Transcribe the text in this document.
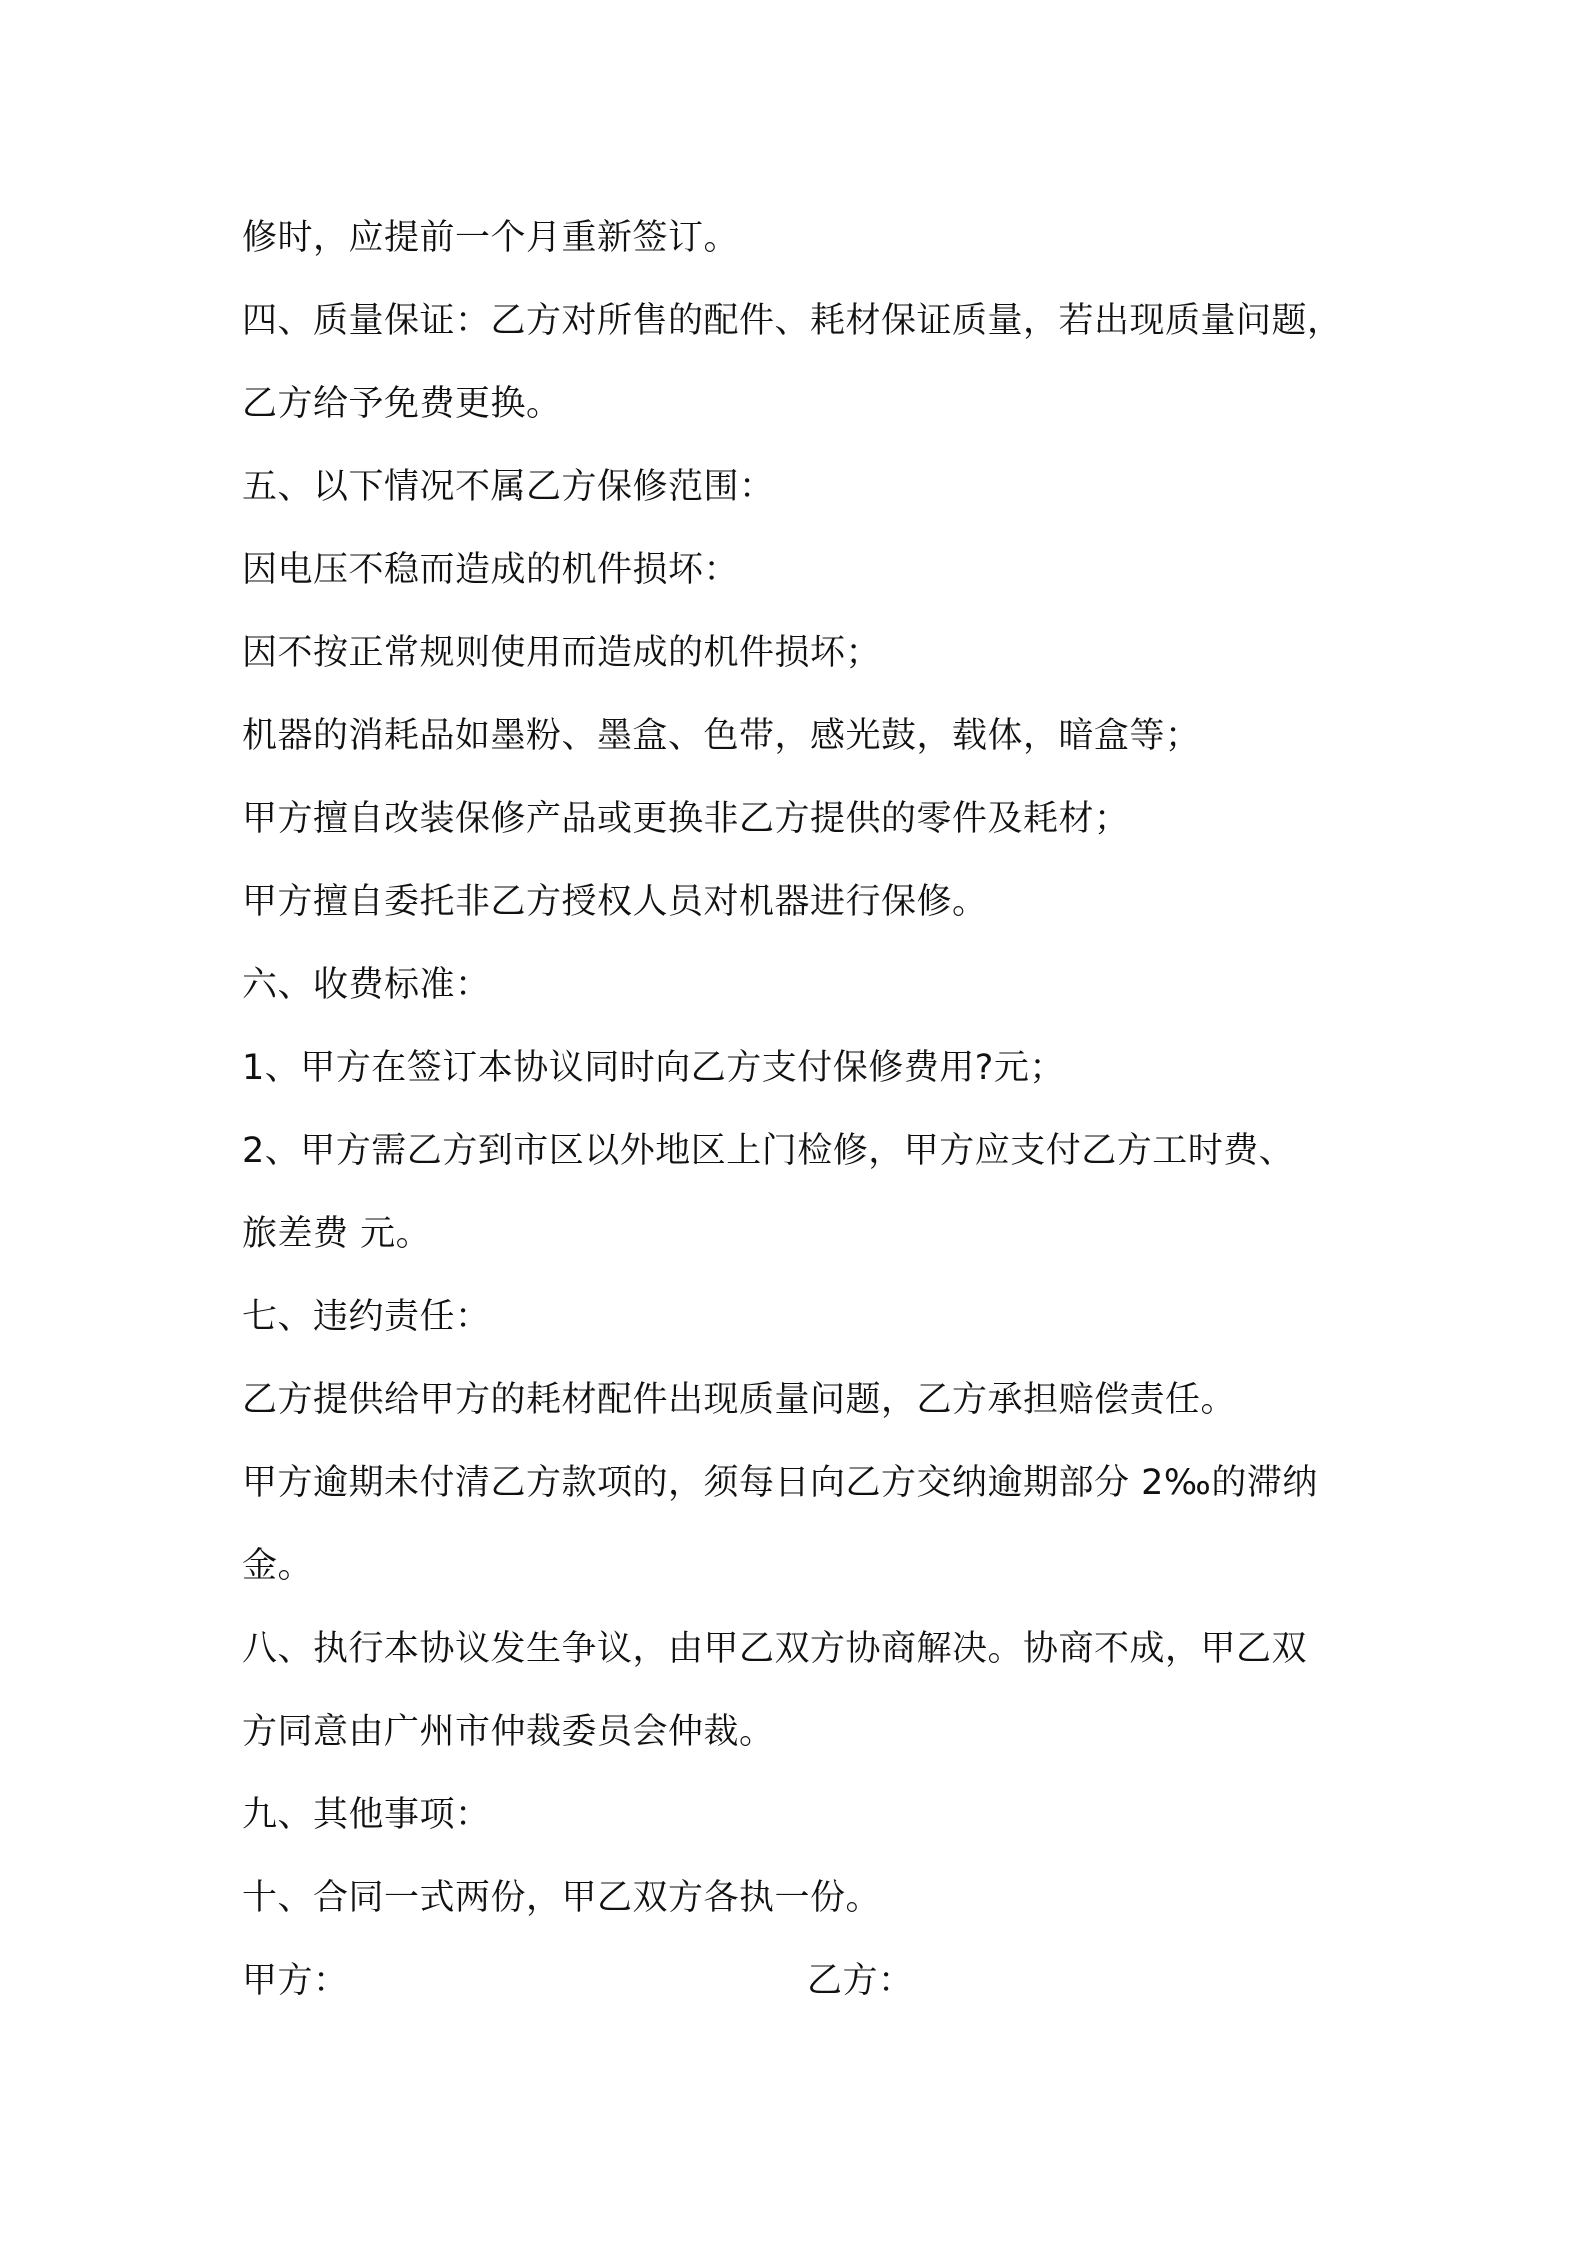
修时，应提前一个月重新签订。
四、质量保证：乙方对所售的配件、耗材保证质量，若出现质量问题，
乙方给予免费更换。
五、以下情况不属乙方保修范围：
因电压不稳而造成的机件损坏：
因不按正常规则使用而造成的机件损坏；
机器的消耗品如墨粉、墨盒、色带，感光鼓，载体，暗盒等；
甲方擅自改装保修产品或更换非乙方提供的零件及耗材；
甲方擅自委托非乙方授权人员对机器进行保修。
六、收费标准：
1、甲方在签订本协议同时向乙方支付保修费用?元；
2、甲方需乙方到市区以外地区上门检修，甲方应支付乙方工时费、
旅差费 元。
七、违约责任：
乙方提供给甲方的耗材配件出现质量问题，乙方承担赔偿责任。
甲方逾期未付清乙方款项的，须每日向乙方交纳逾期部分 2‰的滞纳
金。
八、执行本协议发生争议，由甲乙双方协商解决。协商不成，甲乙双
方同意由广州市仲裁委员会仲裁。
九、其他事项：
十、合同一式两份，甲乙双方各执一份。
甲方：	乙方：
